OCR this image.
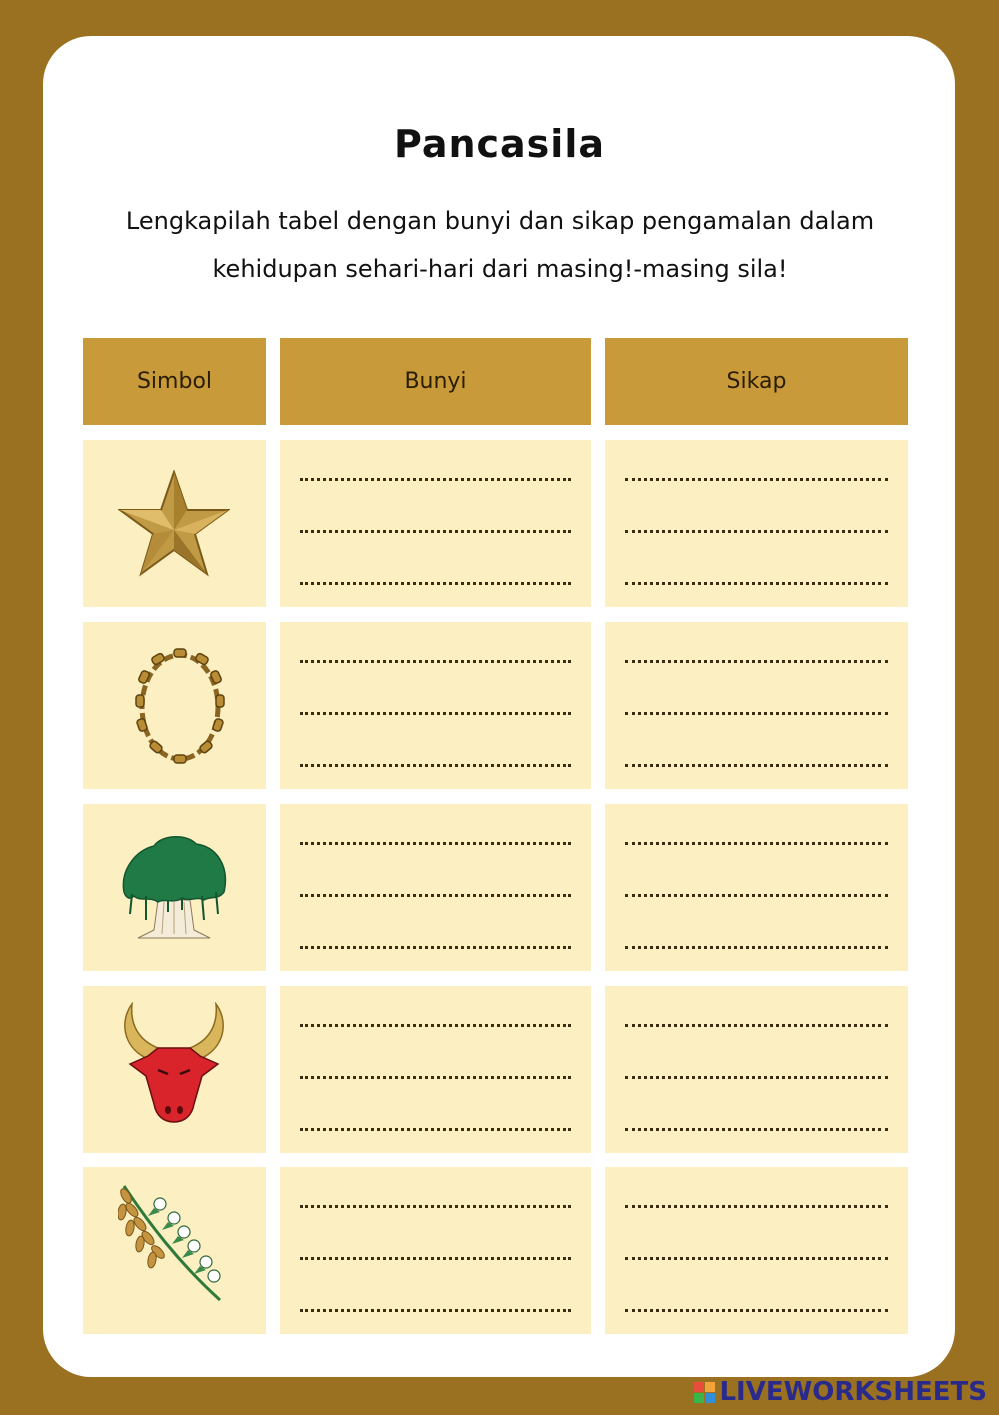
Pancasila
Lengkapilah tabel dengan bunyi dan sikap pengamalan dalam
kehidupan sehari-hari dari masing!-masing sila!
Simbol	Bunyi	Sikap
LIVEWORKSHEETS
